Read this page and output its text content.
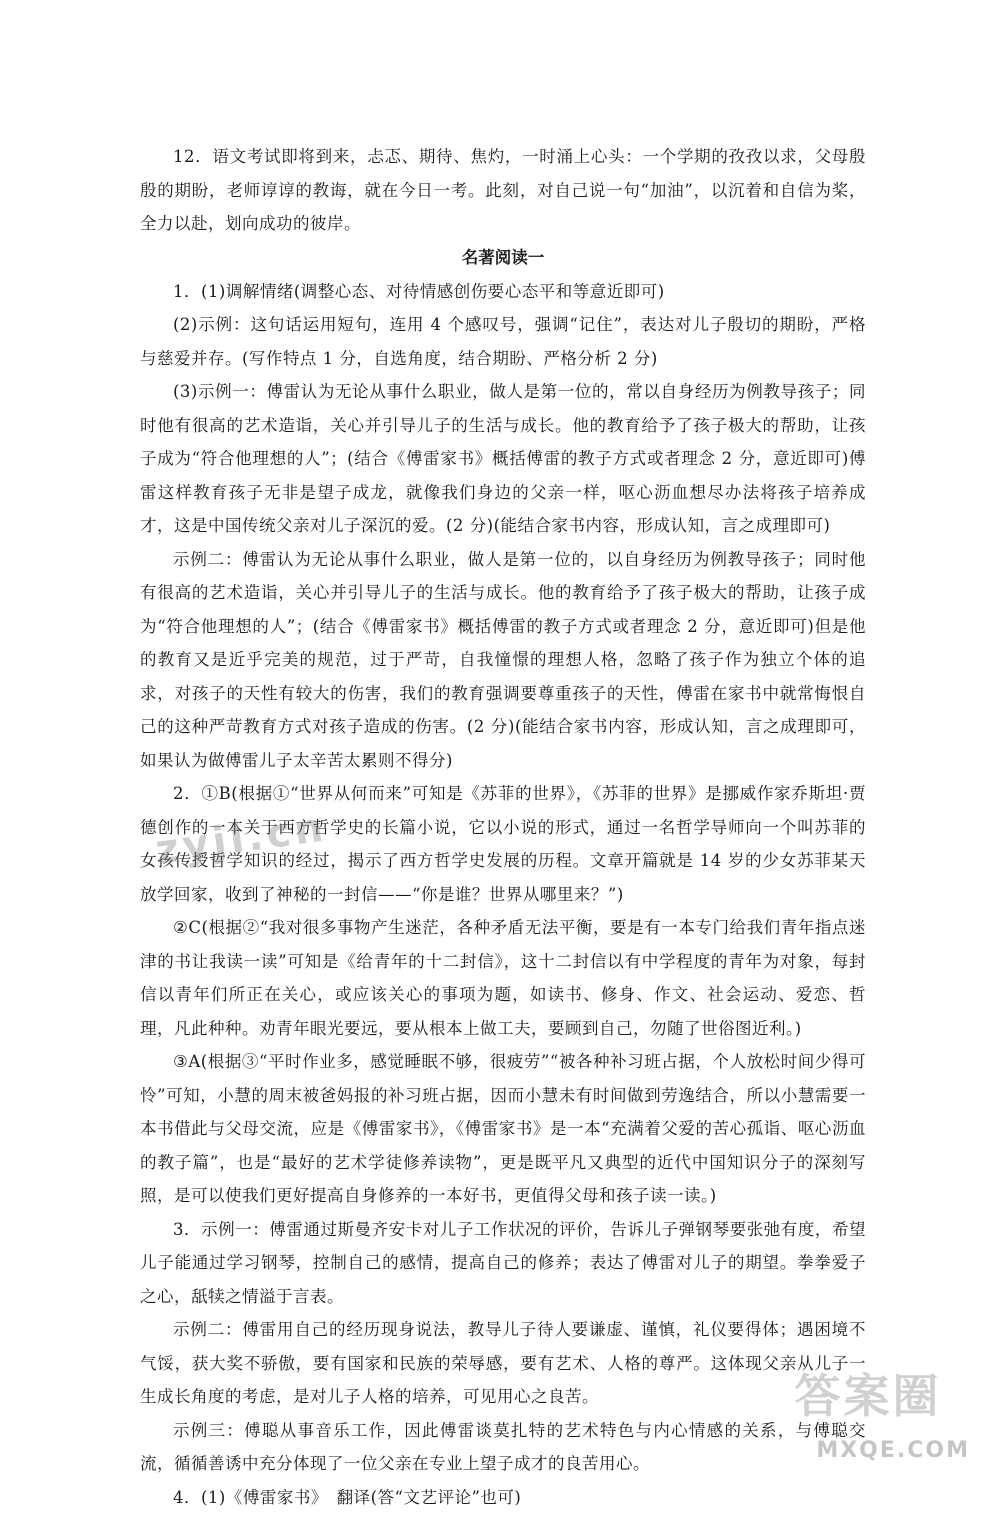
12．语文考试即将到来，忐忑、期待、焦灼，一时涌上心头：一个学期的孜孜以求，父母殷殷的期盼，老师谆谆的教诲，就在今日一考。此刻，对自己说一句“加油”，以沉着和自信为桨，全力以赴，划向成功的彼岸。

名著阅读一

1．(1)调解情绪(调整心态、对待情感创伤要心态平和等意近即可)

(2)示例：这句话运用短句，连用 4 个感叹号，强调“记住”，表达对儿子殷切的期盼，严格与慈爱并存。(写作特点 1 分，自选角度，结合期盼、严格分析 2 分)

(3)示例一：傅雷认为无论从事什么职业，做人是第一位的，常以自身经历为例教导孩子；同时他有很高的艺术造诣，关心并引导儿子的生活与成长。他的教育给予了孩子极大的帮助，让孩子成为“符合他理想的人”；(结合《傅雷家书》概括傅雷的教子方式或者理念 2 分，意近即可)傅雷这样教育孩子无非是望子成龙，就像我们身边的父亲一样，呕心沥血想尽办法将孩子培养成才，这是中国传统父亲对儿子深沉的爱。(2 分)(能结合家书内容，形成认知，言之成理即可)

示例二：傅雷认为无论从事什么职业，做人是第一位的，以自身经历为例教导孩子；同时他有很高的艺术造诣，关心并引导儿子的生活与成长。他的教育给予了孩子极大的帮助，让孩子成为“符合他理想的人”；(结合《傅雷家书》概括傅雷的教子方式或者理念 2 分，意近即可)但是他的教育又是近乎完美的规范，过于严苛，自我憧憬的理想人格，忽略了孩子作为独立个体的追求，对孩子的天性有较大的伤害，我们的教育强调要尊重孩子的天性，傅雷在家书中就常悔恨自己的这种严苛教育方式对孩子造成的伤害。(2 分)(能结合家书内容，形成认知，言之成理即可，如果认为做傅雷儿子太辛苦太累则不得分)

2．①B(根据①“世界从何而来”可知是《苏菲的世界》，《苏菲的世界》是挪威作家乔斯坦·贾德创作的一本关于西方哲学史的长篇小说，它以小说的形式，通过一名哲学导师向一个叫苏菲的女孩传授哲学知识的经过，揭示了西方哲学史发展的历程。文章开篇就是 14 岁的少女苏菲某天放学回家，收到了神秘的一封信——“你是谁？世界从哪里来？”)

②C(根据②“我对很多事物产生迷茫，各种矛盾无法平衡，要是有一本专门给我们青年指点迷津的书让我读一读”可知是《给青年的十二封信》，这十二封信以有中学程度的青年为对象，每封信以青年们所正在关心，或应该关心的事项为题，如读书、修身、作文、社会运动、爱恋、哲理，凡此种种。劝青年眼光要远，要从根本上做工夫，要顾到自己，勿随了世俗图近利。)

③A(根据③“平时作业多，感觉睡眠不够，很疲劳”“被各种补习班占据，个人放松时间少得可怜”可知，小慧的周末被爸妈报的补习班占据，因而小慧未有时间做到劳逸结合，所以小慧需要一本书借此与父母交流，应是《傅雷家书》，《傅雷家书》是一本“充满着父爱的苦心孤诣、呕心沥血的教子篇”，也是“最好的艺术学徒修养读物”，更是既平凡又典型的近代中国知识分子的深刻写照，是可以使我们更好提高自身修养的一本好书，更值得父母和孩子读一读。)

3．示例一：傅雷通过斯曼齐安卡对儿子工作状况的评价，告诉儿子弹钢琴要张弛有度，希望儿子能通过学习钢琴，控制自己的感情，提高自己的修养；表达了傅雷对儿子的期望。拳拳爱子之心，舐犊之情溢于言表。

示例二：傅雷用自己的经历现身说法，教导儿子待人要谦虚、谨慎，礼仪要得体；遇困境不气馁，获大奖不骄傲，要有国家和民族的荣辱感，要有艺术、人格的尊严。这体现父亲从儿子一生成长角度的考虑，是对儿子人格的培养，可见用心之良苦。

示例三：傅聪从事音乐工作，因此傅雷谈莫扎特的艺术特色与内心情感的关系，与傅聪交流，循循善诱中充分体现了一位父亲在专业上望子成才的良苦用心。

4．(1)《傅雷家书》　翻译(答“文艺评论”也可)

zyjl.cn
答案圈
MXQE.COM
